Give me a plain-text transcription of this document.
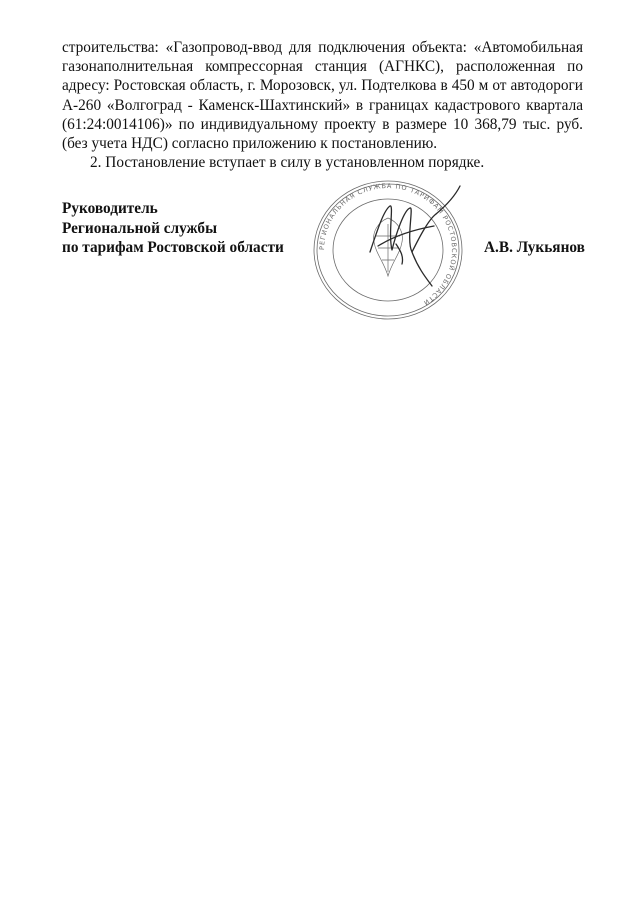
строительства: «Газопровод-ввод для подключения объекта: «Автомобильная газонаполнительная компрессорная станция (АГНКС), расположенная по адресу: Ростовская область, г. Морозовск, ул. Подтелкова в 450 м от автодороги А-260 «Волгоград - Каменск-Шахтинский» в границах кадастрового квартала (61:24:0014106)» по индивидуальному проекту в размере 10 368,79 тыс. руб. (без учета НДС) согласно приложению к постановлению.

2. Постановление вступает в силу в установленном порядке.

Руководитель
Региональной службы
по тарифам Ростовской области	А.В. Лукьянов
РЕГИОНАЛЬНАЯ СЛУЖБА ПО ТАРИФАМ РОСТОВСКОЙ ОБЛАСТИ
